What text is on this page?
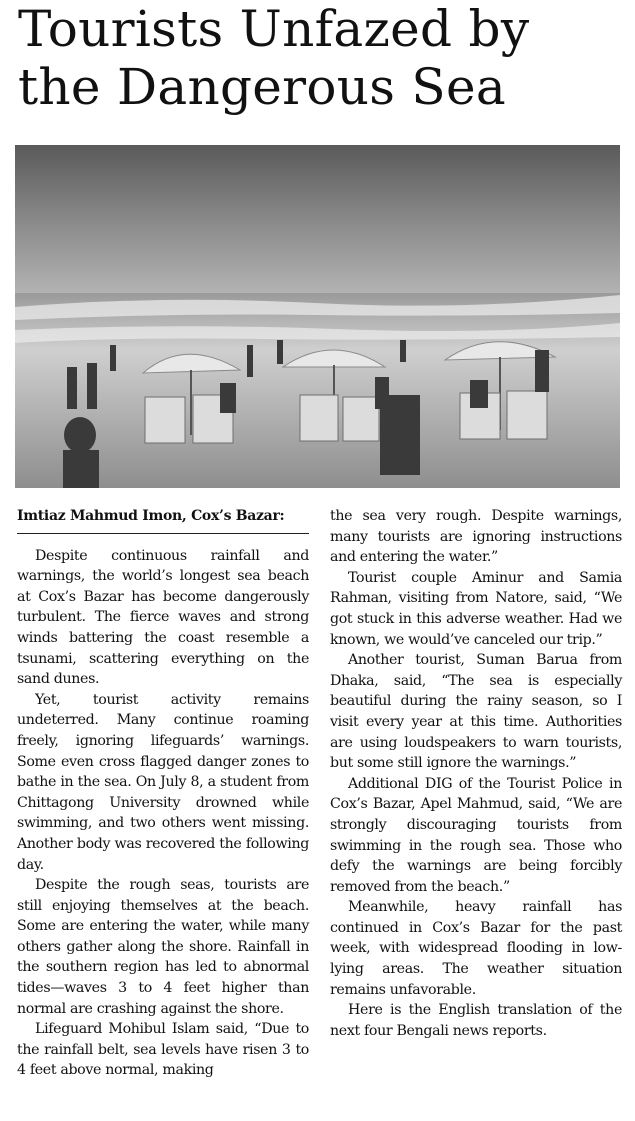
Tourists Unfazed by the Dangerous Sea
Imtiaz Mahmud Imon, Cox’s Bazar:

Despite continuous rainfall and warnings, the world’s longest sea beach at Cox’s Bazar has become dangerously turbulent. The fierce waves and strong winds battering the coast resemble a tsunami, scattering everything on the sand dunes.

Yet, tourist activity remains undeterred. Many continue roaming freely, ignoring lifeguards’ warnings. Some even cross flagged danger zones to bathe in the sea. On July 8, a student from Chittagong University drowned while swimming, and two others went missing. Another body was recovered the following day.

Despite the rough seas, tourists are still enjoying themselves at the beach. Some are entering the water, while many others gather along the shore. Rainfall in the southern region has led to abnormal tides—waves 3 to 4 feet higher than normal are crashing against the shore.

Lifeguard Mohibul Islam said, “Due to the rainfall belt, sea levels have risen 3 to 4 feet above normal, making

the sea very rough. Despite warnings, many tourists are ignoring instructions and entering the water.”

Tourist couple Aminur and Samia Rahman, visiting from Natore, said, “We got stuck in this adverse weather. Had we known, we would’ve canceled our trip.”

Another tourist, Suman Barua from Dhaka, said, “The sea is especially beautiful during the rainy season, so I visit every year at this time. Authorities are using loudspeakers to warn tourists, but some still ignore the warnings.”

Additional DIG of the Tourist Police in Cox’s Bazar, Apel Mahmud, said, “We are strongly discouraging tourists from swimming in the rough sea. Those who defy the warnings are being forcibly removed from the beach.”

Meanwhile, heavy rainfall has continued in Cox’s Bazar for the past week, with widespread flooding in low-lying areas. The weather situation remains unfavorable.

Here is the English translation of the next four Bengali news reports.
